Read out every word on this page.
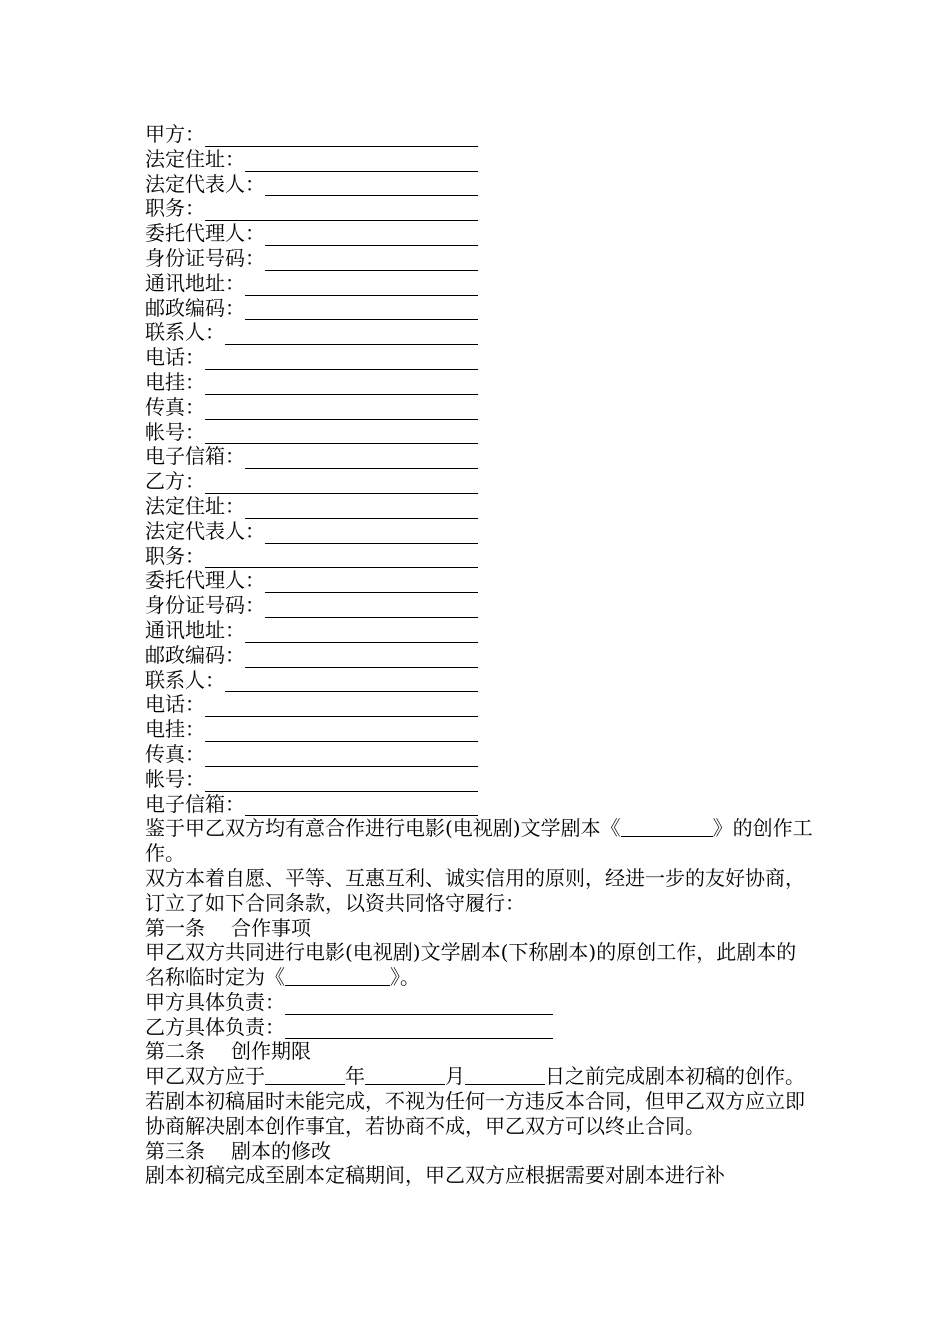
甲方：
法定住址：
法定代表人：
职务：
委托代理人：
身份证号码：
通讯地址：
邮政编码：
联系人：
电话：
电挂：
传真：
帐号：
电子信箱：
乙方：
法定住址：
法定代表人：
职务：
委托代理人：
身份证号码：
通讯地址：
邮政编码：
联系人：
电话：
电挂：
传真：
帐号：
电子信箱：

鉴于甲乙双方均有意合作进行电影(电视剧)文学剧本《	》的创作工作。

双方本着自愿、平等、互惠互利、诚实信用的原则，经进一步的友好协商，订立了如下合同条款，以资共同恪守履行：

第一条 合作事项

甲乙双方共同进行电影(电视剧)文学剧本(下称剧本)的原创工作，此剧本的名称临时定为《	》。

甲方具体负责：
乙方具体负责：

第二条 创作期限

甲乙双方应于	年	月	日之前完成剧本初稿的创作。若剧本初稿届时未能完成，不视为任何一方违反本合同，但甲乙双方应立即协商解决剧本创作事宜，若协商不成，甲乙双方可以终止合同。

第三条 剧本的修改

剧本初稿完成至剧本定稿期间，甲乙双方应根据需要对剧本进行补
